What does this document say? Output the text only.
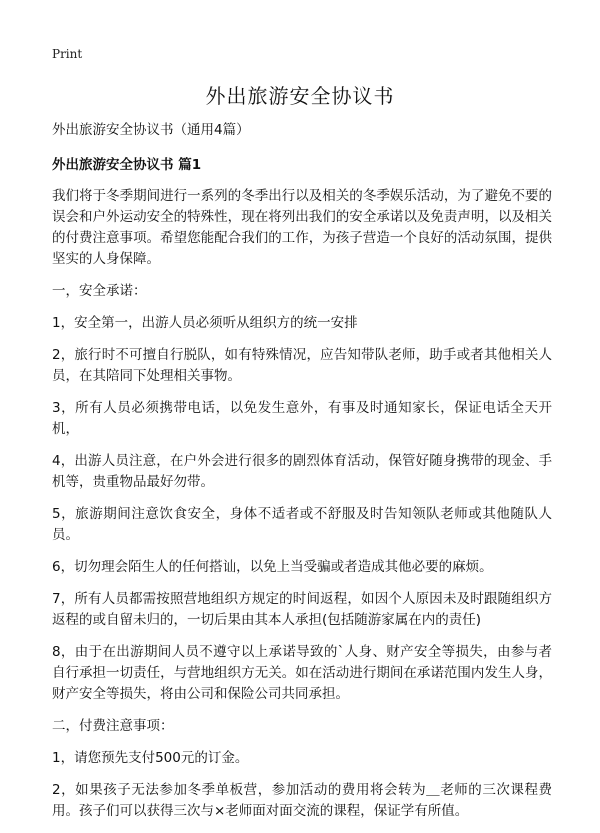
Print
外出旅游安全协议书

外出旅游安全协议书（通用4篇）

外出旅游安全协议书 篇1

我们将于冬季期间进行一系列的冬季出行以及相关的冬季娱乐活动，为了避免不要的误会和户外运动安全的特殊性，现在将列出我们的安全承诺以及免责声明，以及相关的付费注意事项。希望您能配合我们的工作，为孩子营造一个良好的活动氛围，提供坚实的人身保障。

一，安全承诺：

1，安全第一，出游人员必须听从组织方的统一安排

2，旅行时不可擅自行脱队，如有特殊情况，应告知带队老师，助手或者其他相关人员，在其陪同下处理相关事物。

3，所有人员必须携带电话，以免发生意外，有事及时通知家长，保证电话全天开机，

4，出游人员注意，在户外会进行很多的剧烈体育活动，保管好随身携带的现金、手机等，贵重物品最好勿带。

5，旅游期间注意饮食安全，身体不适者或不舒服及时告知领队老师或其他随队人员。

6，切勿理会陌生人的任何搭讪，以免上当受骗或者造成其他必要的麻烦。

7，所有人员都需按照营地组织方规定的时间返程，如因个人原因未及时跟随组织方返程的或自留未归的，一切后果由其本人承担(包括随游家属在内的责任)

8，由于在出游期间人员不遵守以上承诺导致的`人身、财产安全等损失，由参与者自行承担一切责任，与营地组织方无关。如在活动进行期间在承诺范围内发生人身，财产安全等损失，将由公司和保险公司共同承担。

二，付费注意事项：

1，请您预先支付500元的订金。

2，如果孩子无法参加冬季单板营，参加活动的费用将会转为＿老师的三次课程费用。孩子们可以获得三次与×老师面对面交流的课程，保证学有所值。
